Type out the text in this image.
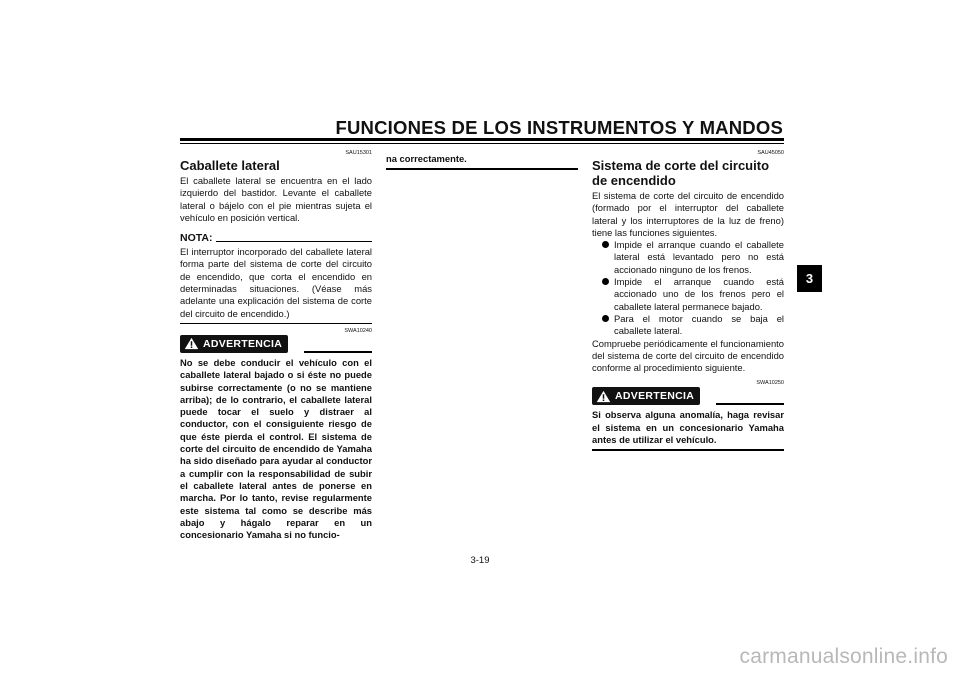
FUNCIONES DE LOS INSTRUMENTOS Y MANDOS
SAU15301
Caballete lateral

El caballete lateral se encuentra en el lado izquierdo del bastidor. Levante el caballete lateral o bájelo con el pie mientras sujeta el vehículo en posición vertical.

NOTA:

El interruptor incorporado del caballete lateral forma parte del sistema de corte del circuito de encendido, que corta el encendido en determinadas situaciones. (Véase más adelante una explicación del sistema de corte del circuito de encendido.)

SWA10240
ADVERTENCIA

No se debe conducir el vehículo con el caballete lateral bajado o si éste no puede subirse correctamente (o no se mantiene arriba); de lo contrario, el caballete lateral puede tocar el suelo y distraer al conductor, con el consiguiente riesgo de que éste pierda el control. El sistema de corte del circuito de encendido de Yamaha ha sido diseñado para ayudar al conductor a cumplir con la responsabilidad de subir el caballete lateral antes de ponerse en marcha. Por lo tanto, revise regularmente este sistema tal como se describe más abajo y hágalo reparar en un concesionario Yamaha si no funcio-

na correctamente.	SAU45050
Sistema de corte del circuito de encendido

El sistema de corte del circuito de encendido (formado por el interruptor del caballete lateral y los interruptores de la luz de freno) tiene las funciones siguientes.

Impide el arranque cuando el caballete lateral está levantado pero no está accionado ninguno de los frenos.
Impide el arranque cuando está accionado uno de los frenos pero el caballete lateral permanece bajado.
Para el motor cuando se baja el caballete lateral.

Compruebe periódicamente el funcionamiento del sistema de corte del circuito de encendido conforme al procedimiento siguiente.

SWA10250
ADVERTENCIA

Si observa alguna anomalía, haga revisar el sistema en un concesionario Yamaha antes de utilizar el vehículo.

3
3-19
carmanualsonline.info
